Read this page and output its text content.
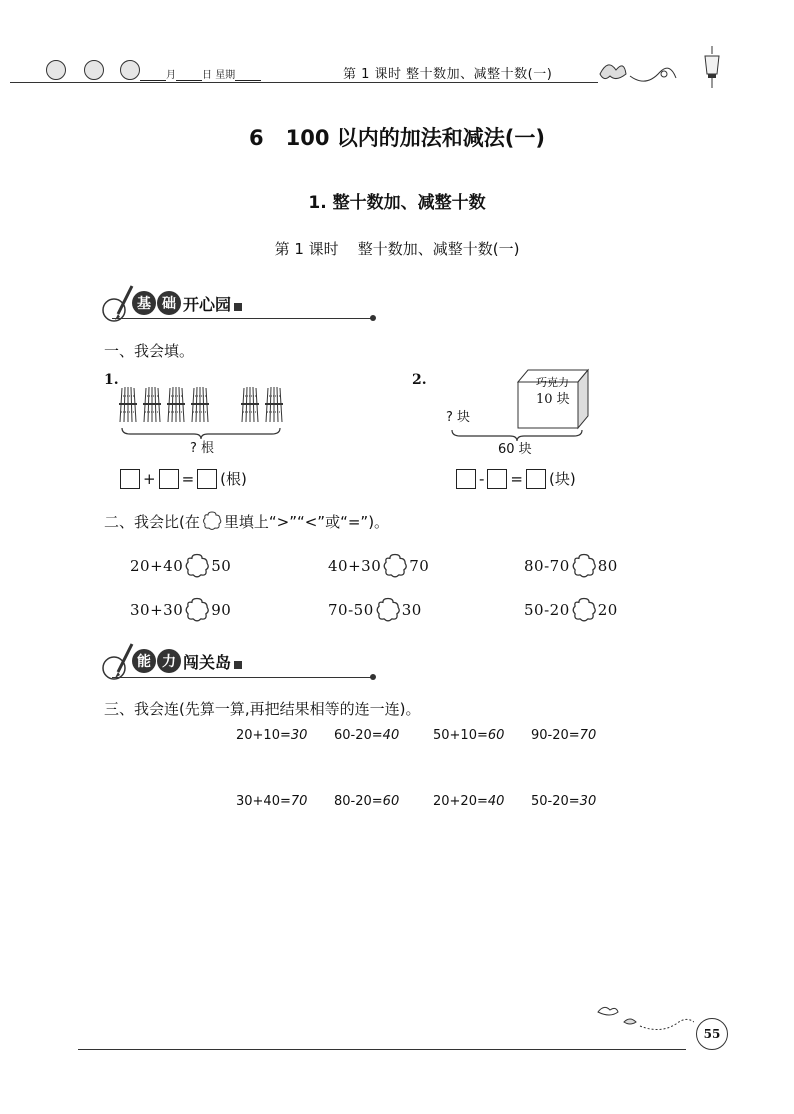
月	日 星期	第 1 课时 整十数加、减整十数(一)
6   100 以内的加法和减法(一)
1. 整十数加、减整十数
第 1 课时    整十数加、减整十数(一)
基 础 开心园
一、我会填。
1.
? 根
+ = (根)
2.	巧克力
10 块
? 块
60 块
- = (块)
二、我会比(在 里填上“>”“<”或“=”)。
20+40 50	40+30 70	80-70 80
30+30 90	70-50 30	50-20 20
能 力 闯关岛
三、我会连(先算一算,再把结果相等的连一连)。
20+10=30 60-20=40	50+10=60 90-20=70
30+40=70 80-20=60	20+20=40 50-20=30
55
